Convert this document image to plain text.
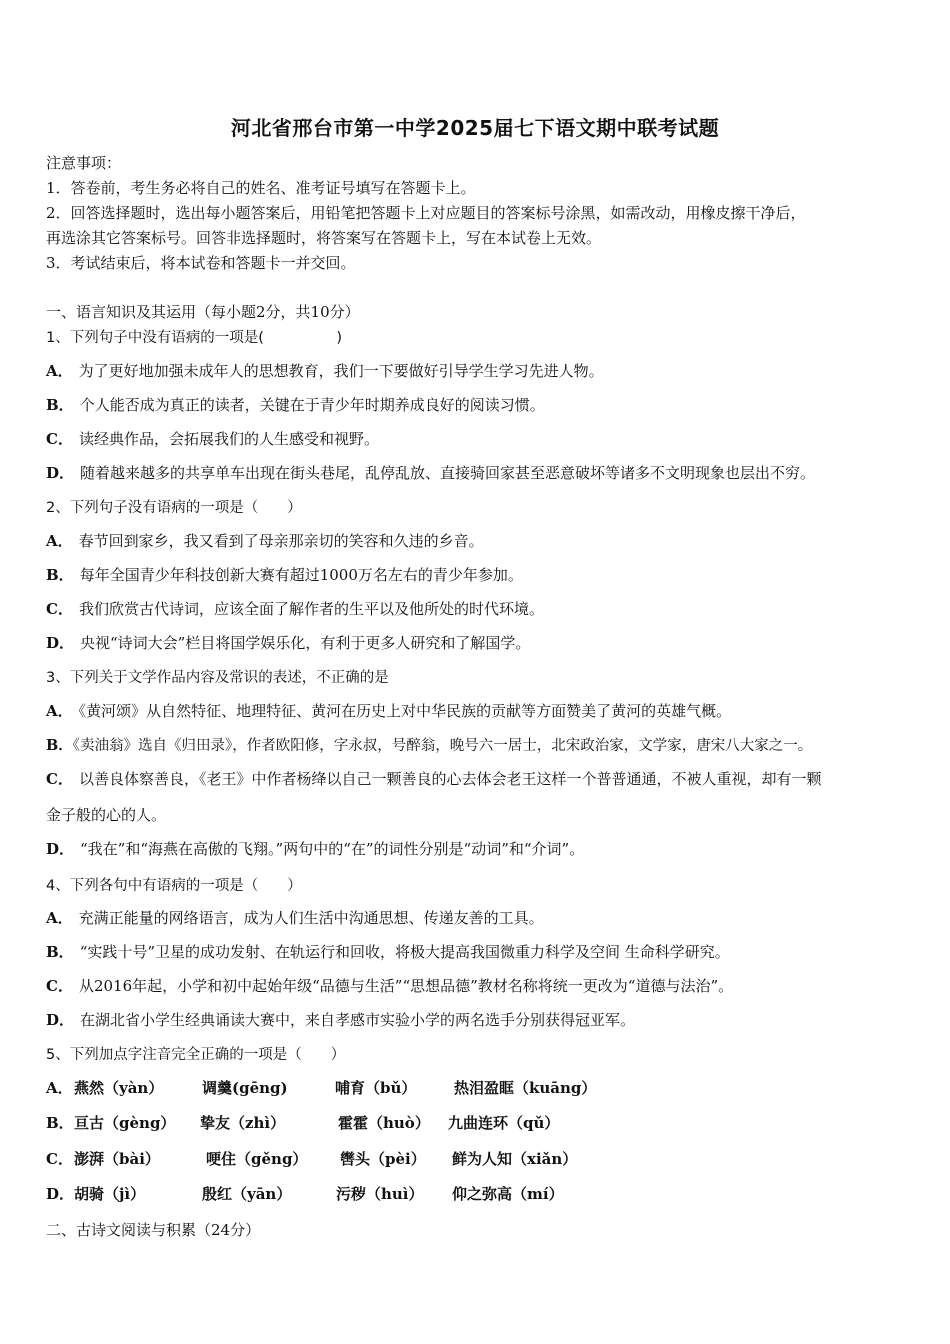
河北省邢台市第一中学2025届七下语文期中联考试题
注意事项：
1．答卷前，考生务必将自己的姓名、准考证号填写在答题卡上。
2．回答选择题时，选出每小题答案后，用铅笔把答题卡上对应题目的答案标号涂黑，如需改动，用橡皮擦干净后，
再选涂其它答案标号。回答非选择题时，将答案写在答题卡上，写在本试卷上无效。
3．考试结束后，将本试卷和答题卡一并交回。
一、语言知识及其运用（每小题2分，共10分）
1、下列句子中没有语病的一项是(　　　　　)
A． 为了更好地加强未成年人的思想教育，我们一下要做好引导学生学习先进人物。
B． 个人能否成为真正的读者，关键在于青少年时期养成良好的阅读习惯。
C． 读经典作品，会拓展我们的人生感受和视野。
D． 随着越来越多的共享单车出现在街头巷尾，乱停乱放、直接骑回家甚至恶意破坏等诸多不文明现象也层出不穷。
2、下列句子没有语病的一项是（　　）
A． 春节回到家乡，我又看到了母亲那亲切的笑容和久违的乡音。
B． 每年全国青少年科技创新大赛有超过1000万名左右的青少年参加。
C． 我们欣赏古代诗词，应该全面了解作者的生平以及他所处的时代环境。
D． 央视“诗词大会”栏目将国学娱乐化，有利于更多人研究和了解国学。
3、下列关于文学作品内容及常识的表述，不正确的是
A． 《黄河颂》从自然特征、地理特征、黄河在历史上对中华民族的贡献等方面赞美了黄河的英雄气概。
B．《卖油翁》选自《归田录》，作者欧阳修，字永叔，号醉翁，晚号六一居士，北宋政治家，文学家，唐宋八大家之一。
C． 以善良体察善良，《老王》中作者杨绛以自己一颗善良的心去体会老王这样一个普普通通，不被人重视，却有一颗
金子般的心的人。
D． “我在”和“海燕在高傲的飞翔。”两句中的“在”的词性分别是“动词”和“介词”。
4、下列各句中有语病的一项是（　　）
A． 充满正能量的网络语言，成为人们生活中沟通思想、传递友善的工具。
B． “实践十号”卫星的成功发射、在轨运行和回收，将极大提高我国微重力科学及空间 生命科学研究。
C． 从2016年起，小学和初中起始年级“品德与生活”“思想品德”教材名称将统一更改为“道德与法治”。
D． 在湖北省小学生经典诵读大赛中，来自孝感市实验小学的两名选手分别获得冠亚军。
5、下列加点字注音完全正确的一项是（　　）
A． 燕然（yàn）	调羹(gēng)	哺育（bǔ）	热泪盈眶（kuāng）
B． 亘古（gèng） 挚友（zhì）	霍霍（huò） 九曲连环（qǔ）
C． 澎湃（bài）	哽住（gěng） 辔头（pèi） 鲜为人知（xiǎn）
D． 胡骑（jì）	殷红（yān）	污秽（huì） 仰之弥高（mí）
二、古诗文阅读与积累（24分）
